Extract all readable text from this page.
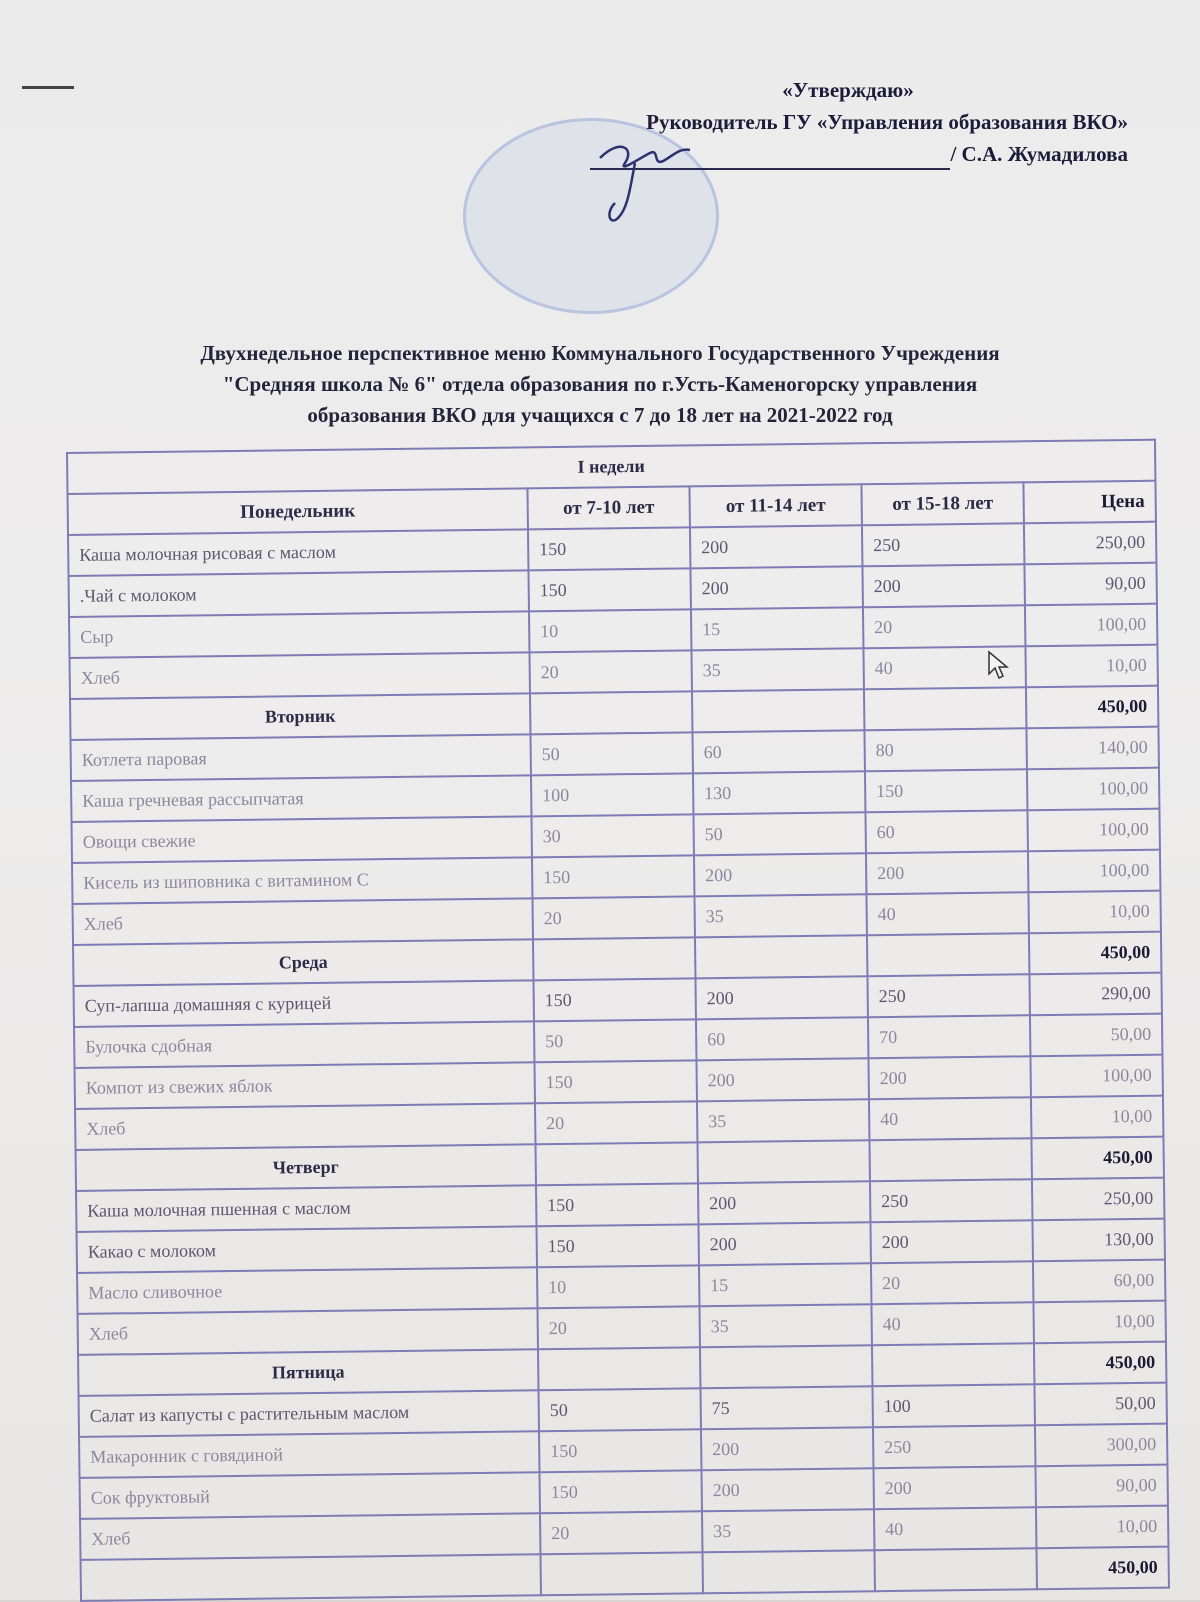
«Утверждаю»
Руководитель ГУ «Управления образования ВКО»
/ С.А. Жумадилова
Двухнедельное перспективное меню Коммунального Государственного Учреждения
"Средняя школа № 6" отдела образования по г.Усть-Каменогорску управления
образования ВКО для учащихся с 7 до 18 лет на 2021-2022 год
I недели				
Понедельник	от 7-10 лет	от 11-14 лет	от 15-18 лет	Цена
Каша молочная рисовая с маслом	150	200	250	250,00
.Чай с молоком	150	200	200	90,00
Сыр	10	15	20	100,00
Хлеб	20	35	40	10,00
Вторник				450,00
Котлета паровая	50	60	80	140,00
Каша гречневая рассыпчатая	100	130	150	100,00
Овощи свежие	30	50	60	100,00
Кисель из шиповника с витамином С	150	200	200	100,00
Хлеб	20	35	40	10,00
Среда				450,00
Суп-лапша домашняя с курицей	150	200	250	290,00
Булочка сдобная	50	60	70	50,00
Компот из свежих яблок	150	200	200	100,00
Хлеб	20	35	40	10,00
Четверг				450,00
Каша молочная пшенная с маслом	150	200	250	250,00
Какао с молоком	150	200	200	130,00
Масло сливочное	10	15	20	60,00
Хлеб	20	35	40	10,00
Пятница				450,00
Салат из капусты с растительным маслом	50	75	100	50,00
Макаронник с говядиной	150	200	250	300,00
Сок фруктовый	150	200	200	90,00
Хлеб	20	35	40	10,00
				450,00
